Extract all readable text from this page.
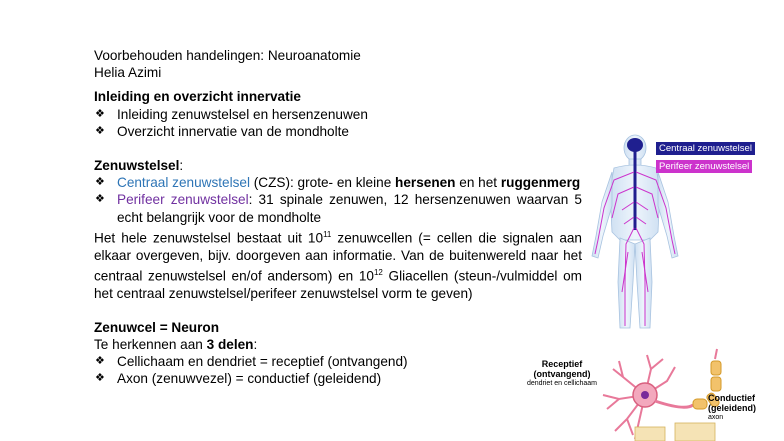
Voorbehouden handelingen: Neuroanatomie
Helia Azimi
Inleiding en overzicht innervatie
❖ Inleiding zenuwstelsel en hersenzenuwen
❖ Overzicht innervatie van de mondholte
Zenuwstelsel:
❖ Centraal zenuwstelsel (CZS): grote- en kleine hersenen en het ruggenmerg
❖ Perifeer zenuwstelsel: 31 spinale zenuwen, 12 hersenzenuwen waarvan 5 echt belangrijk voor de mondholte
Het hele zenuwstelsel bestaat uit $10^{11}$ zenuwcellen (= cellen die signalen aan elkaar overgeven, bijv. doorgeven aan informatie. Van de buitenwereld naar het centraal zenuwstelsel en/of andersom) en $10^{12}$ Gliacellen (steun-/vulmiddel om het centraal zenuwstelsel/perifeer zenuwstelsel vorm te geven)
Zenuwcel = Neuron
Te herkennen aan 3 delen:
❖ Cellichaam en dendriet = receptief (ontvangend)
❖ Axon (zenuwvezel) = conductief (geleidend)
Centraal zenuwstelsel
Perifeer zenuwstelsel
Receptief
(ontvangend)
dendriet en cellichaam
Conductief
(geleidend)
axon
